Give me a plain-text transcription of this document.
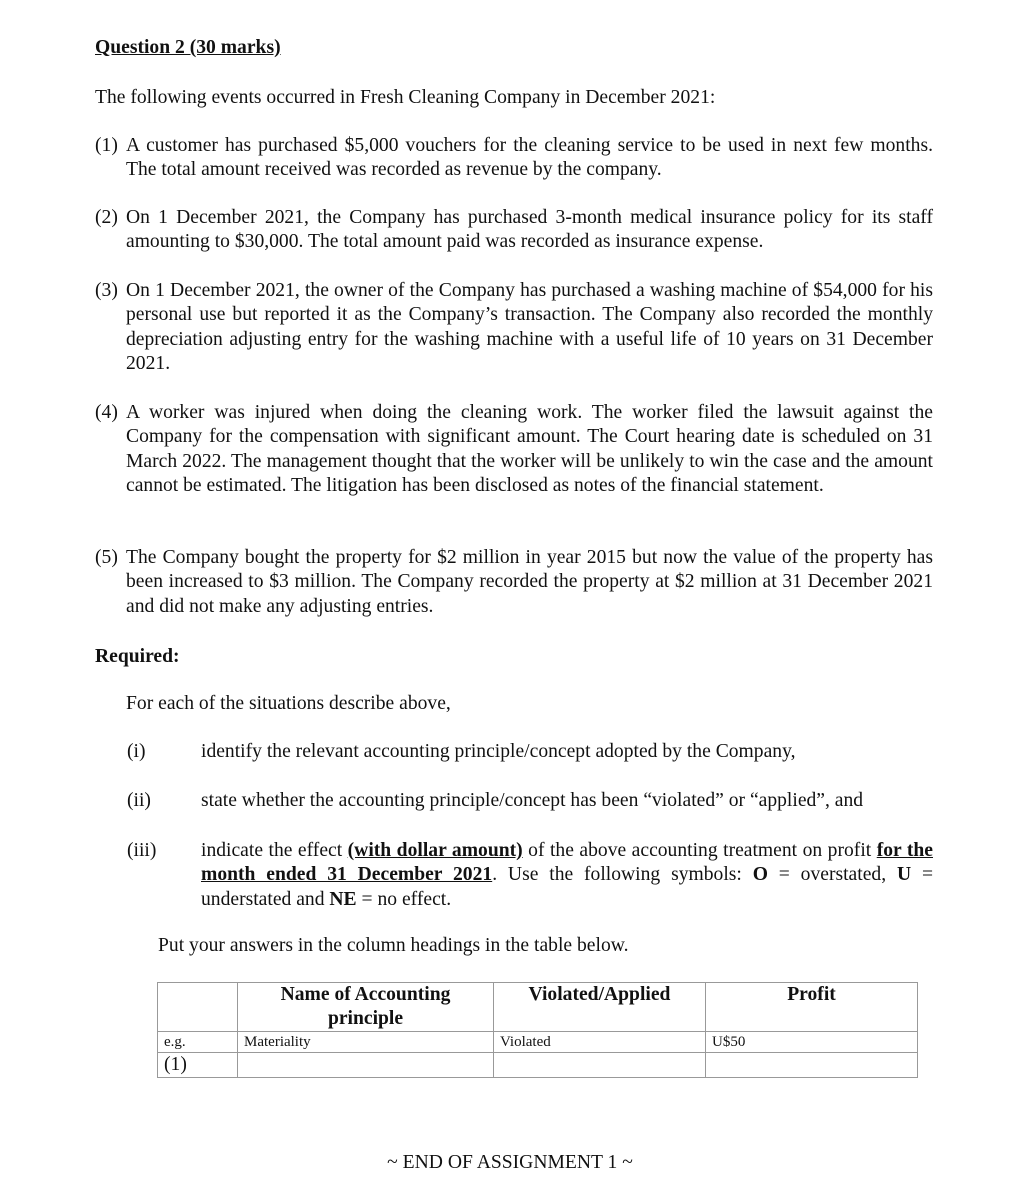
Question 2 (30 marks)
The following events occurred in Fresh Cleaning Company in December 2021:
(1) A customer has purchased $5,000 vouchers for the cleaning service to be used in next few months. The total amount received was recorded as revenue by the company.
(2) On 1 December 2021, the Company has purchased 3-month medical insurance policy for its staff amounting to $30,000. The total amount paid was recorded as insurance expense.
(3) On 1 December 2021, the owner of the Company has purchased a washing machine of $54,000 for his personal use but reported it as the Company’s transaction. The Company also recorded the monthly depreciation adjusting entry for the washing machine with a useful life of 10 years on 31 December 2021.
(4) A worker was injured when doing the cleaning work. The worker filed the lawsuit against the Company for the compensation with significant amount. The Court hearing date is scheduled on 31 March 2022. The management thought that the worker will be unlikely to win the case and the amount cannot be estimated. The litigation has been disclosed as notes of the financial statement.
(5) The Company bought the property for $2 million in year 2015 but now the value of the property has been increased to $3 million. The Company recorded the property at $2 million at 31 December 2021 and did not make any adjusting entries.
Required:
For each of the situations describe above,
(i)	identify the relevant accounting principle/concept adopted by the Company,
(ii)	state whether the accounting principle/concept has been “violated” or “applied”, and
(iii) indicate the effect (with dollar amount) of the above accounting treatment on profit for the month ended 31 December 2021. Use the following symbols: O = overstated, U = understated and NE = no effect.
Put your answers in the column headings in the table below.
	Name of Accounting principle	Violated/Applied	Profit
e.g.	Materiality	Violated	U$50
(1)			
~ END OF ASSIGNMENT 1 ~
